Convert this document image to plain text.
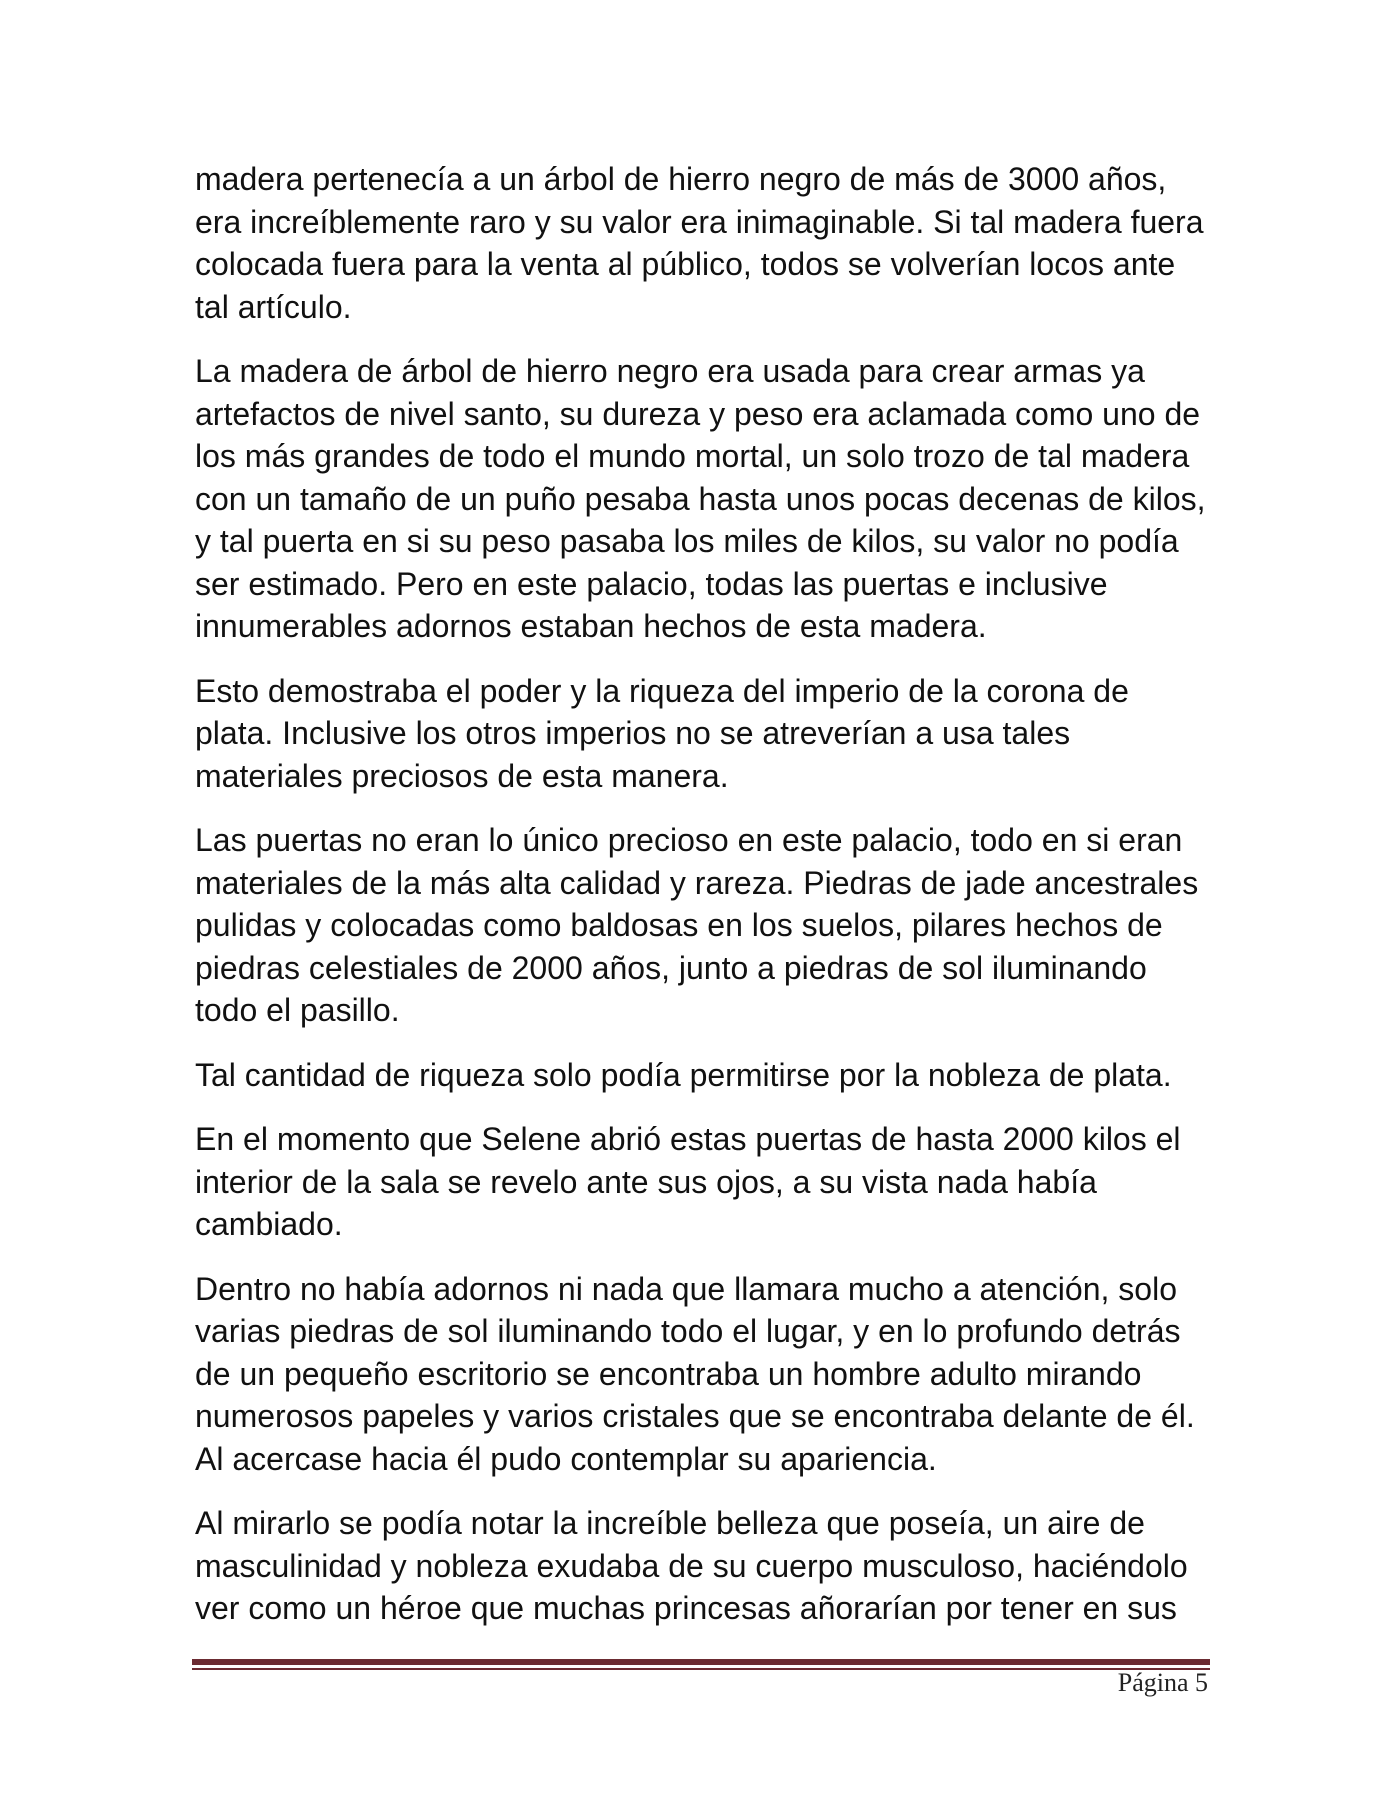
madera pertenecía a un árbol de hierro negro de más de 3000 años,
era increíblemente raro y su valor era inimaginable. Si tal madera fuera
colocada fuera para la venta al público, todos se volverían locos ante
tal artículo.

La madera de árbol de hierro negro era usada para crear armas ya
artefactos de nivel santo, su dureza y peso era aclamada como uno de
los más grandes de todo el mundo mortal, un solo trozo de tal madera
con un tamaño de un puño pesaba hasta unos pocas decenas de kilos,
y tal puerta en si su peso pasaba los miles de kilos, su valor no podía
ser estimado. Pero en este palacio, todas las puertas e inclusive
innumerables adornos estaban hechos de esta madera.

Esto demostraba el poder y la riqueza del imperio de la corona de
plata. Inclusive los otros imperios no se atreverían a usa tales
materiales preciosos de esta manera.

Las puertas no eran lo único precioso en este palacio, todo en si eran
materiales de la más alta calidad y rareza. Piedras de jade ancestrales
pulidas y colocadas como baldosas en los suelos, pilares hechos de
piedras celestiales de 2000 años, junto a piedras de sol iluminando
todo el pasillo.

Tal cantidad de riqueza solo podía permitirse por la nobleza de plata.

En el momento que Selene abrió estas puertas de hasta 2000 kilos el
interior de la sala se revelo ante sus ojos, a su vista nada había
cambiado.

Dentro no había adornos ni nada que llamara mucho a atención, solo
varias piedras de sol iluminando todo el lugar, y en lo profundo detrás
de un pequeño escritorio se encontraba un hombre adulto mirando
numerosos papeles y varios cristales que se encontraba delante de él.
Al acercase hacia él pudo contemplar su apariencia.

Al mirarlo se podía notar la increíble belleza que poseía, un aire de
masculinidad y nobleza exudaba de su cuerpo musculoso, haciéndolo
ver como un héroe que muchas princesas añorarían por tener en sus

Página 5
